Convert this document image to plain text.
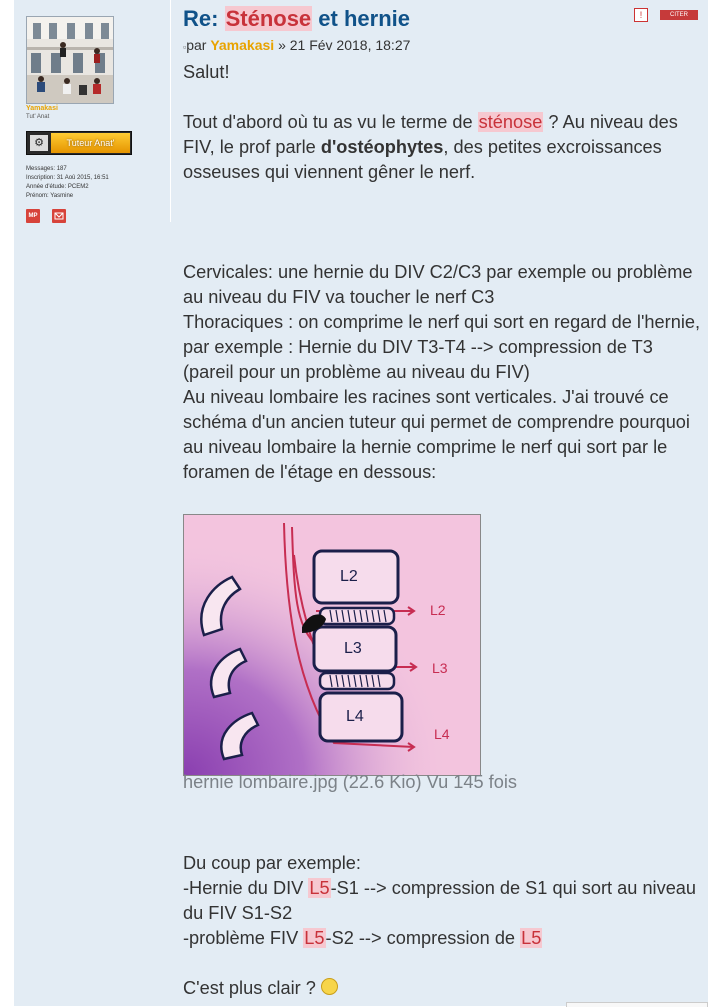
Yamakasi
Tut' Anat
⚙	Tuteur Anat'
Messages: 187
Inscription: 31 Aoû 2015, 16:51
Année d'étude: PCEM2
Prénom: Yasmine
MP
Re: Sténose et hernie	!	CITER
▫par Yamakasi » 21 Fév 2018, 18:27

Salut!

Tout d'abord où tu as vu le terme de sténose ? Au niveau des FIV, le prof parle d'ostéophytes, des petites excroissances osseuses qui viennent gêner le nerf.

Cervicales: une hernie du DIV C2/C3 par exemple ou problème au niveau du FIV va toucher le nerf C3

Thoraciques : on comprime le nerf qui sort en regard de l'hernie, par exemple : Hernie du DIV T3-T4 --> compression de T3 (pareil pour un problème au niveau du FIV)

Au niveau lombaire les racines sont verticales. J'ai trouvé ce schéma d'un ancien tuteur qui permet de comprendre pourquoi au niveau lombaire la hernie comprime le nerf qui sort par le foramen de l'étage en dessous:

L2
L3
L4
L2
L3
L4
hernie lombaire.jpg (22.6 Kio) Vu 145 fois

Du coup par exemple:

-Hernie du DIV L5-S1 --> compression de S1 qui sort au niveau du FIV S1-S2

-problème FIV L5-S2 --> compression de L5

C'est plus clair ?
